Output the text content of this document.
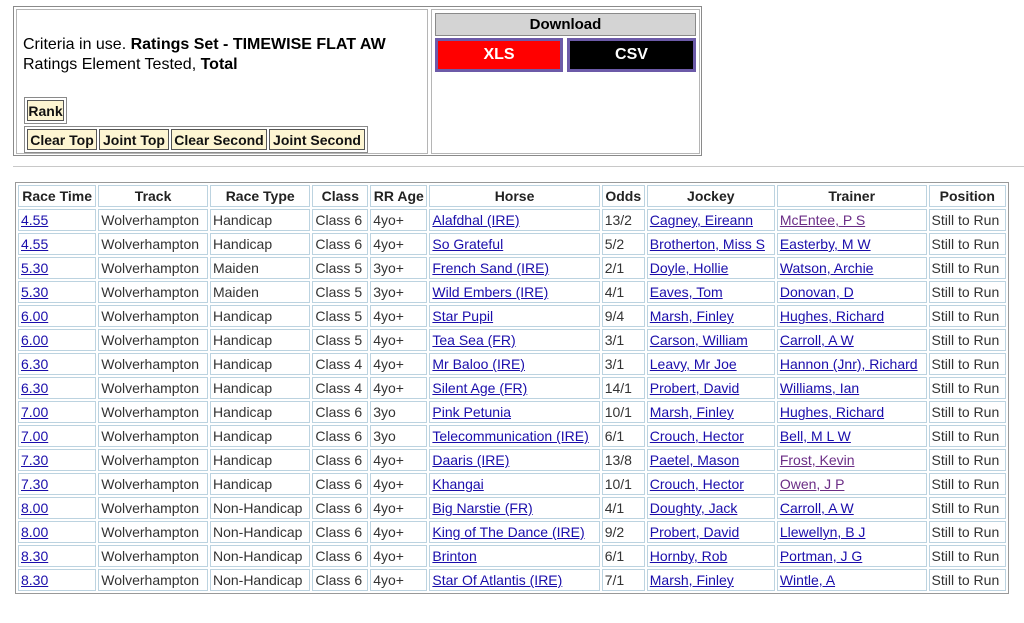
Criteria in use. Ratings Set - TIMEWISE FLAT AW
Ratings Element Tested, Total
Rank
Clear Top Joint Top Clear Second Joint Second
Download
XLS	CSV
Race Time	Track	Race Type	Class	RR Age	Horse	Odds	Jockey	Trainer	Position
4.55	Wolverhampton	Handicap	Class 6	4yo+	Alafdhal (IRE)	13/2	Cagney, Eireann	McEntee, P S	Still to Run
4.55	Wolverhampton	Handicap	Class 6	4yo+	So Grateful	5/2	Brotherton, Miss S	Easterby, M W	Still to Run
5.30	Wolverhampton	Maiden	Class 5	3yo+	French Sand (IRE)	2/1	Doyle, Hollie	Watson, Archie	Still to Run
5.30	Wolverhampton	Maiden	Class 5	3yo+	Wild Embers (IRE)	4/1	Eaves, Tom	Donovan, D	Still to Run
6.00	Wolverhampton	Handicap	Class 5	4yo+	Star Pupil	9/4	Marsh, Finley	Hughes, Richard	Still to Run
6.00	Wolverhampton	Handicap	Class 5	4yo+	Tea Sea (FR)	3/1	Carson, William	Carroll, A W	Still to Run
6.30	Wolverhampton	Handicap	Class 4	4yo+	Mr Baloo (IRE)	3/1	Leavy, Mr Joe	Hannon (Jnr), Richard	Still to Run
6.30	Wolverhampton	Handicap	Class 4	4yo+	Silent Age (FR)	14/1	Probert, David	Williams, Ian	Still to Run
7.00	Wolverhampton	Handicap	Class 6	3yo	Pink Petunia	10/1	Marsh, Finley	Hughes, Richard	Still to Run
7.00	Wolverhampton	Handicap	Class 6	3yo	Telecommunication (IRE)	6/1	Crouch, Hector	Bell, M L W	Still to Run
7.30	Wolverhampton	Handicap	Class 6	4yo+	Daaris (IRE)	13/8	Paetel, Mason	Frost, Kevin	Still to Run
7.30	Wolverhampton	Handicap	Class 6	4yo+	Khangai	10/1	Crouch, Hector	Owen, J P	Still to Run
8.00	Wolverhampton	Non-Handicap	Class 6	4yo+	Big Narstie (FR)	4/1	Doughty, Jack	Carroll, A W	Still to Run
8.00	Wolverhampton	Non-Handicap	Class 6	4yo+	King of The Dance (IRE)	9/2	Probert, David	Llewellyn, B J	Still to Run
8.30	Wolverhampton	Non-Handicap	Class 6	4yo+	Brinton	6/1	Hornby, Rob	Portman, J G	Still to Run
8.30	Wolverhampton	Non-Handicap	Class 6	4yo+	Star Of Atlantis (IRE)	7/1	Marsh, Finley	Wintle, A	Still to Run
